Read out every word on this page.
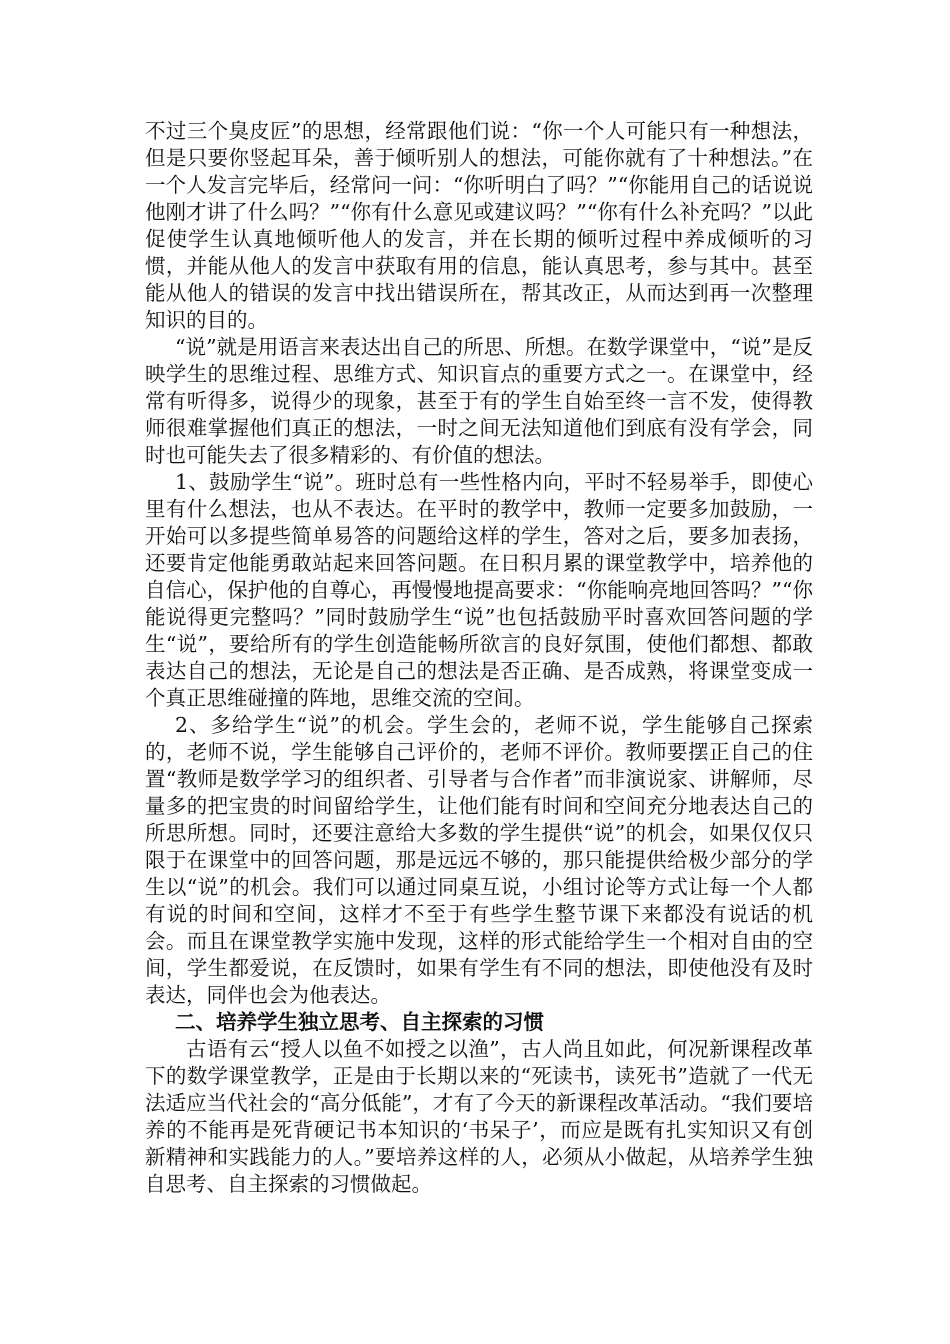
不过三个臭皮匠”的思想，经常跟他们说：“你一个人可能只有一种想法，但是只要你竖起耳朵，善于倾听别人的想法，可能你就有了十种想法。”在一个人发言完毕后，经常问一问：“你听明白了吗？”“你能用自己的话说说他刚才讲了什么吗？”“你有什么意见或建议吗？”“你有什么补充吗？”以此促使学生认真地倾听他人的发言，并在长期的倾听过程中养成倾听的习惯，并能从他人的发言中获取有用的信息，能认真思考，参与其中。甚至能从他人的错误的发言中找出错误所在，帮其改正，从而达到再一次整理知识的目的。

“说”就是用语言来表达出自己的所思、所想。在数学课堂中，“说”是反映学生的思维过程、思维方式、知识盲点的重要方式之一。在课堂中，经常有听得多，说得少的现象，甚至于有的学生自始至终一言不发，使得教师很难掌握他们真正的想法，一时之间无法知道他们到底有没有学会，同时也可能失去了很多精彩的、有价值的想法。

1、鼓励学生“说”。班时总有一些性格内向，平时不轻易举手，即使心里有什么想法，也从不表达。在平时的教学中，教师一定要多加鼓励，一开始可以多提些简单易答的问题给这样的学生，答对之后，要多加表扬，还要肯定他能勇敢站起来回答问题。在日积月累的课堂教学中，培养他的自信心，保护他的自尊心，再慢慢地提高要求：“你能响亮地回答吗？”“你能说得更完整吗？”同时鼓励学生“说”也包括鼓励平时喜欢回答问题的学生“说”，要给所有的学生创造能畅所欲言的良好氛围，使他们都想、都敢表达自己的想法，无论是自己的想法是否正确、是否成熟，将课堂变成一个真正思维碰撞的阵地，思维交流的空间。

2、多给学生“说”的机会。学生会的，老师不说，学生能够自己探索的，老师不说，学生能够自己评价的，老师不评价。教师要摆正自己的住置“教师是数学学习的组织者、引导者与合作者”而非演说家、讲解师，尽量多的把宝贵的时间留给学生，让他们能有时间和空间充分地表达自己的所思所想。同时，还要注意给大多数的学生提供“说”的机会，如果仅仅只限于在课堂中的回答问题，那是远远不够的，那只能提供给极少部分的学生以“说”的机会。我们可以通过同桌互说，小组讨论等方式让每一个人都有说的时间和空间，这样才不至于有些学生整节课下来都没有说话的机会。而且在课堂教学实施中发现，这样的形式能给学生一个相对自由的空间，学生都爱说，在反馈时，如果有学生有不同的想法，即使他没有及时表达，同伴也会为他表达。

二、培养学生独立思考、自主探索的习惯

古语有云“授人以鱼不如授之以渔”，古人尚且如此，何况新课程改革下的数学课堂教学，正是由于长期以来的“死读书，读死书”造就了一代无法适应当代社会的“高分低能”，才有了今天的新课程改革活动。“我们要培养的不能再是死背硬记书本知识的‘书呆子’，而应是既有扎实知识又有创新精神和实践能力的人。”要培养这样的人，必须从小做起，从培养学生独自思考、自主探索的习惯做起。
